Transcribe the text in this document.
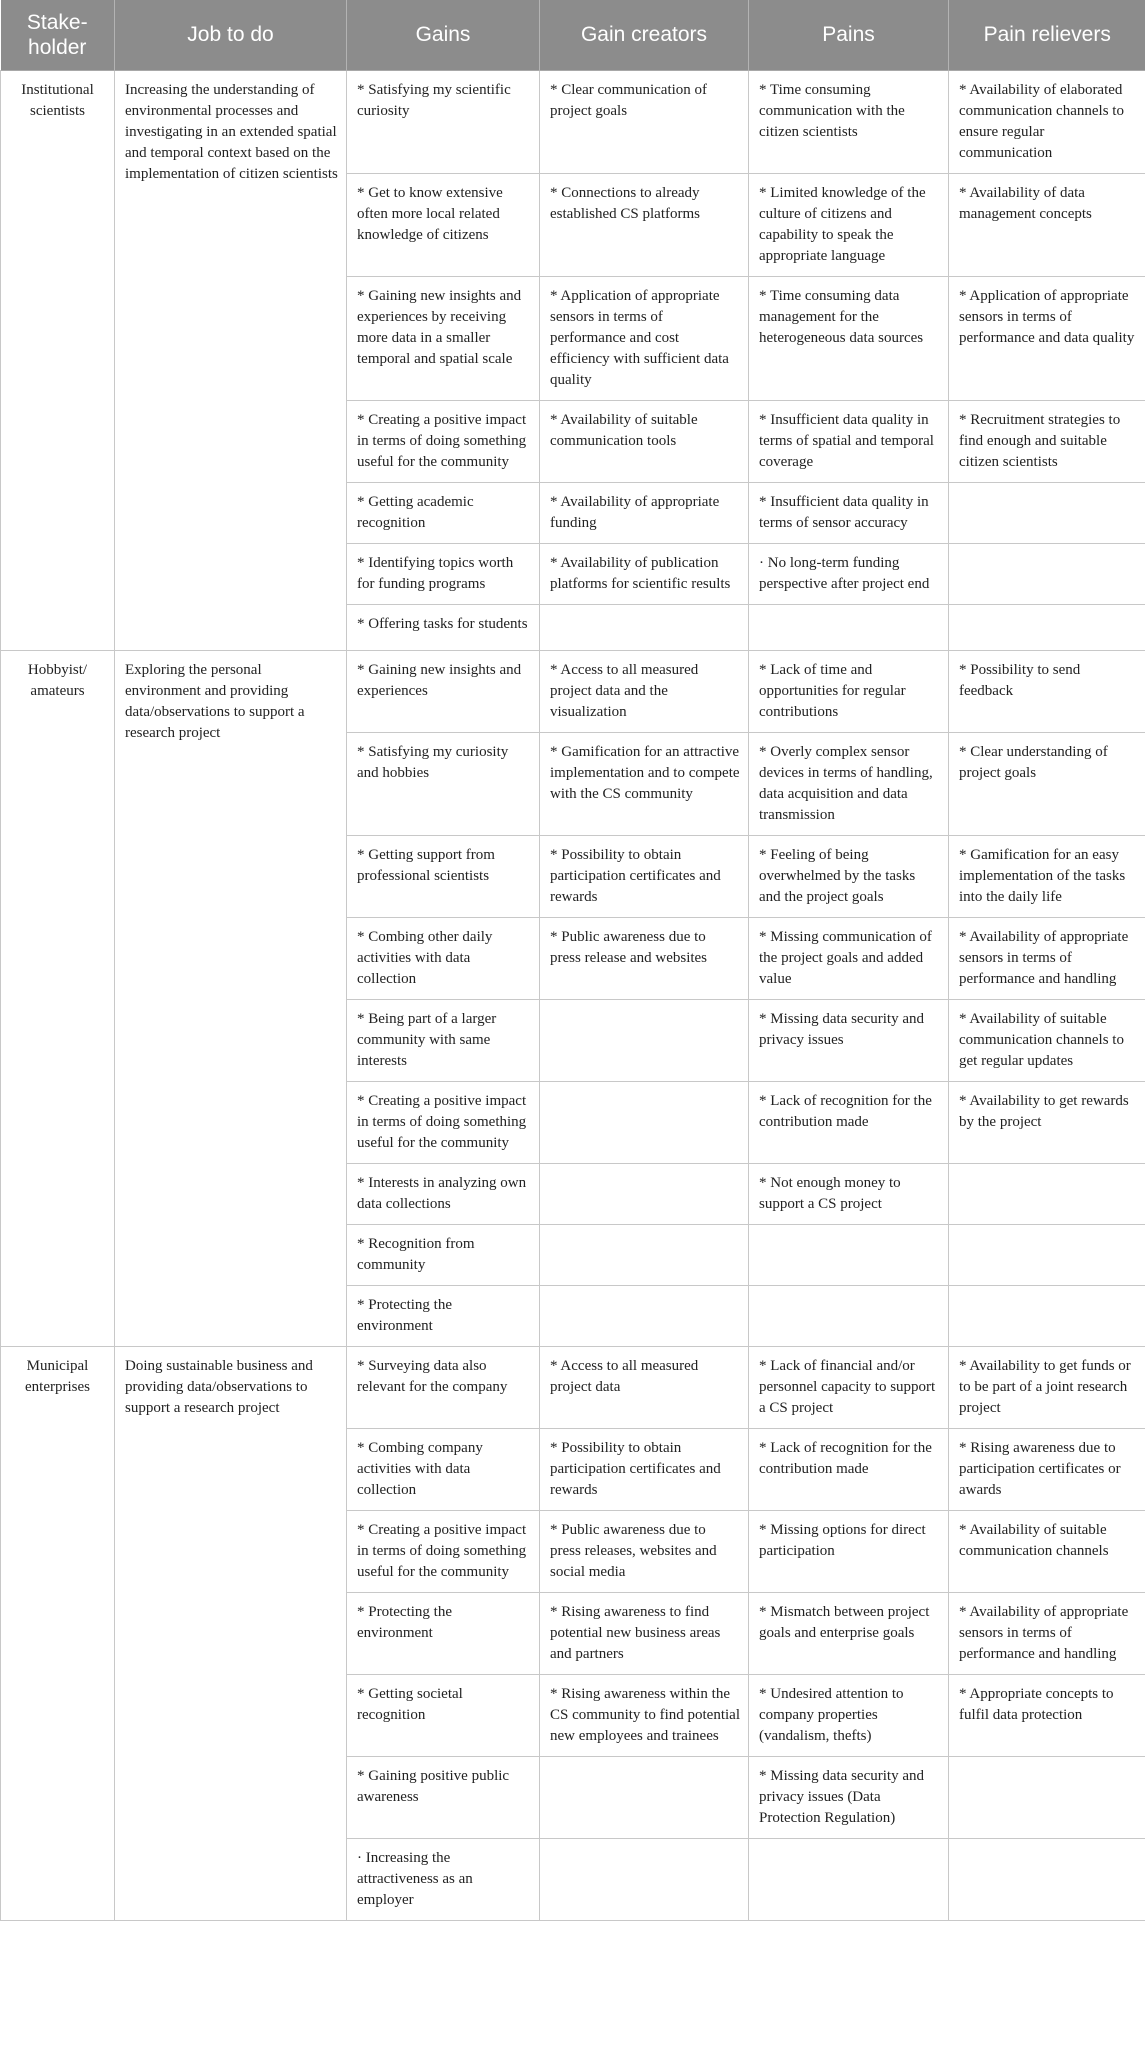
Stake-holder	Job to do	Gains	Gain creators	Pains	Pain relievers
Institutional scientists	Increasing the understanding of environmental processes and investigating in an extended spatial and temporal context based on the implementation of citizen scientists	* Satisfying my scientific curiosity	* Clear communication of project goals	* Time consuming communication with the citizen scientists	* Availability of elaborated communication channels to ensure regular communication
		* Get to know extensive often more local related knowledge of citizens	* Connections to already established CS platforms	* Limited knowledge of the culture of citizens and capability to speak the appropriate language	* Availability of data management concepts
		* Gaining new insights and experiences by receiving more data in a smaller temporal and spatial scale	* Application of appropriate sensors in terms of performance and cost efficiency with sufficient data quality	* Time consuming data management for the heterogeneous data sources	* Application of appropriate sensors in terms of performance and data quality
		* Creating a positive impact in terms of doing something useful for the community	* Availability of suitable communication tools	* Insufficient data quality in terms of spatial and temporal coverage	* Recruitment strategies to find enough and suitable citizen scientists
		* Getting academic recognition	* Availability of appropriate funding	* Insufficient data quality in terms of sensor accuracy	
		* Identifying topics worth for funding programs	* Availability of publication platforms for scientific results	· No long-term funding perspective after project end	
		* Offering tasks for students			
Hobbyist/ amateurs	Exploring the personal environment and providing data/observations to support a research project	* Gaining new insights and experiences	* Access to all measured project data and the visualization	* Lack of time and opportunities for regular contributions	* Possibility to send feedback
		* Satisfying my curiosity and hobbies	* Gamification for an attractive implementation and to compete with the CS community	* Overly complex sensor devices in terms of handling, data acquisition and data transmission	* Clear understanding of project goals
		* Getting support from professional scientists	* Possibility to obtain participation certificates and rewards	* Feeling of being overwhelmed by the tasks and the project goals	* Gamification for an easy implementation of the tasks into the daily life
		* Combing other daily activities with data collection	* Public awareness due to press release and websites	* Missing communication of the project goals and added value	* Availability of appropriate sensors in terms of performance and handling
		* Being part of a larger community with same interests		* Missing data security and privacy issues	* Availability of suitable communication channels to get regular updates
		* Creating a positive impact in terms of doing something useful for the community		* Lack of recognition for the contribution made	* Availability to get rewards by the project
		* Interests in analyzing own data collections		* Not enough money to support a CS project	
		* Recognition from community			
		* Protecting the environment			
Municipal enterprises	Doing sustainable business and providing data/observations to support a research project	* Surveying data also relevant for the company	* Access to all measured project data	* Lack of financial and/or personnel capacity to support a CS project	* Availability to get funds or to be part of a joint research project
		* Combing company activities with data collection	* Possibility to obtain participation certificates and rewards	* Lack of recognition for the contribution made	* Rising awareness due to participation certificates or awards
		* Creating a positive impact in terms of doing something useful for the community	* Public awareness due to press releases, websites and social media	* Missing options for direct participation	* Availability of suitable communication channels
		* Protecting the environment	* Rising awareness to find potential new business areas and partners	* Mismatch between project goals and enterprise goals	* Availability of appropriate sensors in terms of performance and handling
		* Getting societal recognition	* Rising awareness within the CS community to find potential new employees and trainees	* Undesired attention to company properties (vandalism, thefts)	* Appropriate concepts to fulfil data protection
		* Gaining positive public awareness		* Missing data security and privacy issues (Data Protection Regulation)	
		· Increasing the attractiveness as an employer			
